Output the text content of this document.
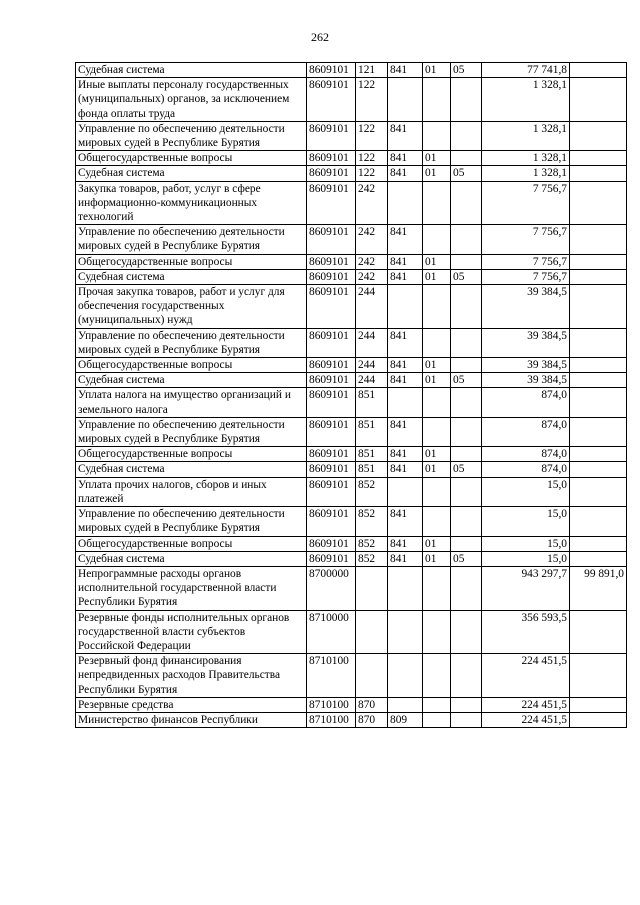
262
Судебная система	8609101	121	841	01	05	77 741,8	
Иные выплаты персоналу государственных (муниципальных) органов, за исключением фонда оплаты труда	8609101	122				1 328,1	
Управление по обеспечению деятельности мировых судей в Республике Бурятия	8609101	122	841			1 328,1	
Общегосударственные вопросы	8609101	122	841	01		1 328,1	
Судебная система	8609101	122	841	01	05	1 328,1	
Закупка товаров, работ, услуг в сфере информационно-коммуникационных технологий	8609101	242				7 756,7	
Управление по обеспечению деятельности мировых судей в Республике Бурятия	8609101	242	841			7 756,7	
Общегосударственные вопросы	8609101	242	841	01		7 756,7	
Судебная система	8609101	242	841	01	05	7 756,7	
Прочая закупка товаров, работ и услуг для обеспечения государственных (муниципальных) нужд	8609101	244				39 384,5	
Управление по обеспечению деятельности мировых судей в Республике Бурятия	8609101	244	841			39 384,5	
Общегосударственные вопросы	8609101	244	841	01		39 384,5	
Судебная система	8609101	244	841	01	05	39 384,5	
Уплата налога на имущество организаций и земельного налога	8609101	851				874,0	
Управление по обеспечению деятельности мировых судей в Республике Бурятия	8609101	851	841			874,0	
Общегосударственные вопросы	8609101	851	841	01		874,0	
Судебная система	8609101	851	841	01	05	874,0	
Уплата прочих налогов, сборов и иных платежей	8609101	852				15,0	
Управление по обеспечению деятельности мировых судей в Республике Бурятия	8609101	852	841			15,0	
Общегосударственные вопросы	8609101	852	841	01		15,0	
Судебная система	8609101	852	841	01	05	15,0	
Непрограммные расходы органов исполнительной государственной власти Республики Бурятия	8700000					943 297,7	99 891,0
Резервные фонды исполнительных органов государственной власти субъектов Российской Федерации	8710000					356 593,5	
Резервный фонд финансирования непредвиденных расходов Правительства Республики Бурятия	8710100					224 451,5	
Резервные средства	8710100	870				224 451,5	
Министерство финансов Республики	8710100	870	809			224 451,5	
